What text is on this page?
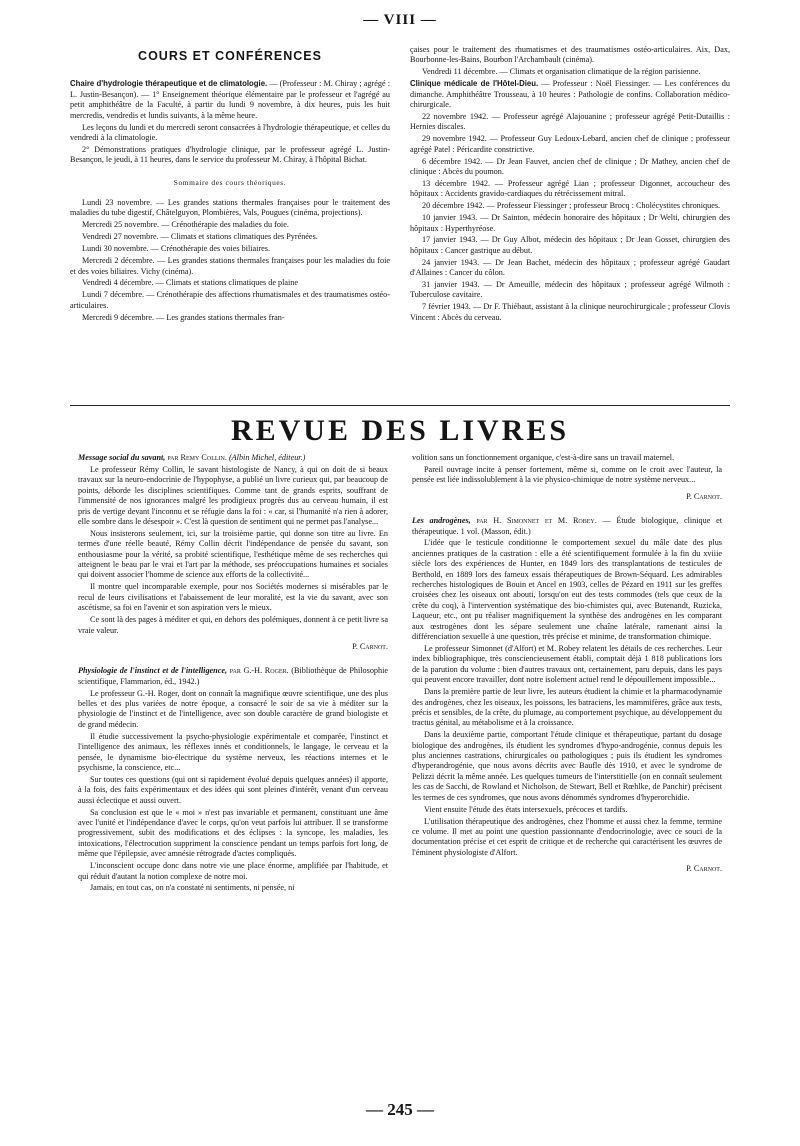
— VIII —
COURS ET CONFÉRENCES

Chaire d'hydrologie thérapeutique et de climatologie. — (Professeur : M. Chiray ; agrégé : L. Justin-Besançon). — 1° Enseignement théorique élémentaire par le professeur et l'agrégé au petit amphithéâtre de la Faculté, à partir du lundi 9 novembre, à dix heures, puis les huit mercredis, vendredis et lundis suivants, à la même heure.

Les leçons du lundi et du mercredi seront consacrées à l'hydrologie thérapeutique, et celles du vendredi à la climatologie.

2° Démonstrations pratiques d'hydrologie clinique, par le professeur agrégé L. Justin-Besançon, le jeudi, à 11 heures, dans le service du professeur M. Chiray, à l'hôpital Bichat.

Sommaire des cours théoriques.

Lundi 23 novembre. — Les grandes stations thermales françaises pour le traitement des maladies du tube digestif, Châtelguyon, Plombières, Vals, Pougues (cinéma, projections).

Mercredi 25 novembre. — Crénothérapie des maladies du foie.

Vendredi 27 novembre. — Climats et stations climatiques des Pyrénées.

Lundi 30 novembre. — Crénothérapie des voies biliaires.

Mercredi 2 décembre. — Les grandes stations thermales françaises pour les maladies du foie et des voies biliaires. Vichy (cinéma).

Vendredi 4 décembre. — Climats et stations climatiques de plaine

Lundi 7 décembre. — Crénothérapie des affections rhumatismales et des traumatismes ostéo-articulaires.

Mercredi 9 décembre. — Les grandes stations thermales fran-

çaises pour le traitement des rhumatismes et des traumatismes ostéo-articulaires. Aix, Dax, Bourbonne-les-Bains, Bourbon l'Archambault (cinéma).

Vendredi 11 décembre. — Climats et organisation climatique de la région parisienne.

Clinique médicale de l'Hôtel-Dieu. — Professeur : Noël Fiessinger. — Les conférences du dimanche. Amphithéâtre Trousseau, à 10 heures : Pathologie de confins. Collaboration médico-chirurgicale.

22 novembre 1942. — Professeur agrégé Alajouanine ; professeur agrégé Petit-Dutaillis : Hernies discales.

29 novembre 1942. — Professeur Guy Ledoux-Lebard, ancien chef de clinique ; professeur agrégé Patel : Péricardite constrictive.

6 décembre 1942. — Dr Jean Fauvet, ancien chef de clinique ; Dr Mathey, ancien chef de clinique : Abcès du poumon.

13 décembre 1942. — Professeur agrégé Lian ; professeur Digonnet, accoucheur des hôpitaux : Accidents gravido-cardiaques du rétrécissement mitral.

20 décembre 1942. — Professeur Fiessinger ; professeur Brocq : Cholécystites chroniques.

10 janvier 1943. — Dr Sainton, médecin honoraire des hôpitaux ; Dr Welti, chirurgien des hôpitaux : Hyperthyréose.

17 janvier 1943. — Dr Guy Albot, médecin des hôpitaux ; Dr Jean Gosset, chirurgien des hôpitaux : Cancer gastrique au début.

24 janvier 1943. — Dr Jean Bachet, médecin des hôpitaux ; professeur agrégé Gaudart d'Allaines : Cancer du côlon.

31 janvier 1943. — Dr Ameuille, médecin des hôpitaux ; professeur agrégé Wilmoth : Tuberculose cavitaire.

7 février 1943. — Dr F. Thiébaut, assistant à la clinique neurochirurgicale ; professeur Clovis Vincent : Abcès du cerveau.

REVUE DES LIVRES

Message social du savant, par Remy Collin. (Albin Michel, éditeur.)

Le professeur Rémy Collin, le savant histologiste de Nancy, à qui on doit de si beaux travaux sur la neuro-endocrinie de l'hypophyse, a publié un livre curieux qui, par beaucoup de points, déborde les disciplines scientifiques. Comme tant de grands esprits, souffrant de l'immensité de nos ignorances malgré les prodigieux progrès dus au cerveau humain, il est pris de vertige devant l'inconnu et se réfugie dans la foi : « car, si l'humanité n'a rien à adorer, elle sombre dans le désespoir ». C'est là question de sentiment qui ne permet pas l'analyse...

Nous insisterons seulement, ici, sur la troisième partie, qui donne son titre au livre. En termes d'une réelle beauté, Rémy Collin décrit l'indépendance de pensée du savant, son enthousiasme pour la vérité, sa probité scientifique, l'esthétique même de ses recherches qui atteignent le beau par le vrai et l'art par la méthode, ses préoccupations humaines et sociales qui doivent associer l'homme de science aux efforts de la collectivité...

Il montre quel incomparable exemple, pour nos Sociétés modernes si misérables par le recul de leurs civilisations et l'abaissement de leur moralité, est la vie du savant, avec son ascétisme, sa foi en l'avenir et son aspiration vers le mieux.

Ce sont là des pages à méditer et qui, en dehors des polémiques, donnent à ce petit livre sa vraie valeur.

P. Carnot.

Physiologie de l'instinct et de l'intelligence, par G.-H. Roger. (Bibliothèque de Philosophie scientifique, Flammarion, éd., 1942.)

Le professeur G.-H. Roger, dont on connaît la magnifique œuvre scientifique, une des plus belles et des plus variées de notre époque, a consacré le soir de sa vie à méditer sur la physiologie de l'instinct et de l'intelligence, avec son double caractère de grand biologiste et de grand médecin.

Il étudie successivement la psycho-physiologie expérimentale et comparée, l'instinct et l'intelligence des animaux, les réflexes innés et conditionnels, le langage, le cerveau et la pensée, le dynamisme bio-électrique du système nerveux, les réactions internes et le psychisme, la conscience, etc...

Sur toutes ces questions (qui ont si rapidement évolué depuis quelques années) il apporte, à la fois, des faits expérimentaux et des idées qui sont pleines d'intérêt, venant d'un cerveau aussi éclectique et aussi ouvert.

Sa conclusion est que le « moi » n'est pas invariable et permanent, constituant une âme avec l'unité et l'indépendance d'avec le corps, qu'on veut parfois lui attribuer. Il se transforme progressivement, subit des modifications et des éclipses : la syncope, les maladies, les intoxications, l'électrocution suppriment la conscience pendant un temps parfois fort long, de même que l'épilepsie, avec amnésie rétrograde d'actes compliqués.

L'inconscient occupe donc dans notre vie une place énorme, amplifiée par l'habitude, et qui réduit d'autant la notion complexe de notre moi.

Jamais, en tout cas, on n'a constaté ni sentiments, ni pensée, ni

volition sans un fonctionnement organique, c'est-à-dire sans un travail maternel.

Pareil ouvrage incite à penser fortement, même si, comme on le croit avec l'auteur, la pensée est liée indissolublement à la vie physico-chimique de notre système nerveux...

P. Carnot.

Les androgènes, par H. Simonnet et M. Robey. — Étude biologique, clinique et thérapeutique. 1 vol. (Masson, édit.)

L'idée que le testicule conditionne le comportement sexuel du mâle date des plus anciennes pratiques de la castration : elle a été scientifiquement formulée à la fin du xviiie siècle lors des expériences de Hunter, en 1849 lors des transplantations de testicules de Berthold, en 1889 lors des fameux essais thérapeutiques de Brown-Séquard. Les admirables recherches histologiques de Bouin et Ancel en 1903, celles de Pézard en 1911 sur les greffes croisées chez les oiseaux ont abouti, lorsqu'on eut des tests commodes (tels que ceux de la crête du coq), à l'intervention systématique des bio-chimistes qui, avec Butenandt, Ruzicka, Laqueur, etc., ont pu réaliser magnifiquement la synthèse des androgènes en les comparant aux œstrogènes dont les sépare seulement une chaîne latérale, ramenant ainsi la différenciation sexuelle à une question, très précise et minime, de transformation chimique.

Le professeur Simonnet (d'Alfort) et M. Robey relatent les détails de ces recherches. Leur index bibliographique, très consciencieusement établi, comptait déjà 1 818 publications lors de la parution du volume : bien d'autres travaux ont, certainement, paru depuis, dans les pays qui peuvent encore travailler, dont notre isolement actuel rend le dépouillement impossible...

Dans la première partie de leur livre, les auteurs étudient la chimie et la pharmacodynamie des androgènes, chez les oiseaux, les poissons, les batraciens, les mammifères, grâce aux tests, précis et sensibles, de la crête, du plumage, au comportement psychique, au développement du tractus génital, au métabolisme et à la croissance.

Dans la deuxième partie, comportant l'étude clinique et thérapeutique, partant du dosage biologique des androgènes, ils étudient les syndromes d'hypo-androgénie, connus depuis les plus anciennes castrations, chirurgicales ou pathologiques ; puis ils étudient les syndromes d'hyperandrogénie, que nous avons décrits avec Baufle dès 1910, et avec le syndrome de Pelizzi décrit la même année. Les quelques tumeurs de l'interstitielle (on en connaît seulement les cas de Sacchi, de Rowland et Nicholson, de Stewart, Bell et Rœhlke, de Panchir) précisent les termes de ces syndromes, que nous avons dénommés syndromes d'hyperorchidie.

Vient ensuite l'étude des états intersexuels, précoces et tardifs.

L'utilisation thérapeutique des androgènes, chez l'homme et aussi chez la femme, termine ce volume. Il met au point une question passionnante d'endocrinologie, avec ce souci de la documentation précise et cet esprit de critique et de recherche qui caractérisent les œuvres de l'éminent physiologiste d'Alfort.

P. Carnot.

— 245 —
